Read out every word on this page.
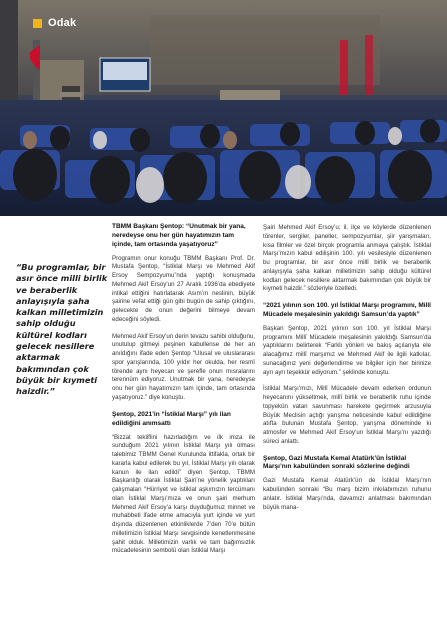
Odak

“Bu programlar, bir asır önce milli birlik ve beraberlik anlayışıyla şaha kalkan milletimizin sahip olduğu kültürel kodları gelecek nesillere aktarmak bakımından çok büyük bir kıymeti haizdir.”

TBMM Başkanı Şentop: “Unutmak bir yana, neredeyse onu her gün hayatımızın tam içinde, tam ortasında yaşatıyoruz”

Programın onur konuğu TBMM Başkanı Prof. Dr. Mustafa Şentop, “İstiklal Marşı ve Mehmed Akif Ersoy Sempozyumu”nda yaptığı konuşmada Mehmed Akif Ersoy’un 27 Aralık 1936’da ebediyete intikal ettiğini hatırlatarak Asım’ın neslinin, büyük şairine vefat ettiği gün gibi bugün de sahip çıktığını, gelecekte de onun değerini bilmeye devam edeceğini söyledi.

Mehmed Akif Ersoy’un derin tevazu sahibi olduğunu, unutulup gitmeyi peşinen kabullense de her an anıldığını ifade eden Şentop “Ulusal ve uluslararası spor yarışlarında, 100 yıldır her okulda, her resmî törende aynı heyecan ve şerefle onun mısralarını terennüm ediyoruz. Unutmak bir yana, neredeyse onu her gün hayatımızın tam içinde, tam ortasında yaşatıyoruz.” diye konuştu.

Şentop, 2021’in “İstiklal Marşı” yılı ilan edildiğini anımsattı

“Bizzat tekliflini hazırladığım ve ilk imza ile sunduğum 2021 yılının İstiklal Marşı yılı olması talebimiz TBMM Genel Kurulunda ittifakla, ortak bir kararla kabul edilerek bu yıl, İstiklal Marşı yılı olarak kanun ile ilan edildi” diyen Şentop, TBMM Başkanlığı olarak İstiklal Şairi’ne yönelik yaptıkları çalışmaları “Hürriyet ve istiklal aşkımızın tercümanı olan İstiklal Marşı’mıza ve onun şairi merhum Mehmed Akif Ersoy’a karşı duyduğumuz minnet ve muhabbeti ifade etme amacıyla yurt içinde ve yurt dışında düzenlenen etkinliklerde 7’den 70’e bütün milletimizin İstiklal Marşı sevgisinde kenetlenmesine şahit olduk. Milletimizin varlık ve tam bağımsızlık mücadelesinin sembolü olan İstiklal Marşı

Şairi Mehmed Akif Ersoy’u; il, ilçe ve köylerde düzenlenen törenler, sergiler, paneller, sempozyumlar, şiir yarışmaları, kısa filmler ve özel birçok programla anmaya çalıştık. İstiklal Marşı’mızın kabul edilişinin 100. yılı vesilesiyle düzenlenen bu programlar, bir asır önce millî birlik ve beraberlik anlayışıyla şaha kalkan milletimizin sahip olduğu kültürel kodları gelecek nesillere aktarmak bakımından çok büyük bir kıymeti haizdir.” sözleriyle özetledi.

“2021 yılının son 100. yıl İstiklal Marşı programını, Millî Mücadele meşalesinin yakıldığı Samsun’da yaptık”

Başkan Şentop, 2021 yılının son 100. yıl İstiklal Marşı programını Millî Mücadele meşalesinin yakıldığı Samsun’da yaptıklarını belirterek “Farklı yönleri ve bakış açılarıyla ele alacağımız millî marşımız ve Mehmed Akif ile ilgili katkılar, sunacağınız yeni değerlendirme ve bilgiler için her birinize ayrı ayrı teşekkür ediyorum.” şeklinde konuştu.

İstiklal Marşı’mızı, Millî Mücadele devam ederken ordunun heyecanını yükseltmek, millî birlik ve beraberlik ruhu içinde topyekûn vatan savunması harekete geçirmek arzusuyla Büyük Meclisin açtığı yarışma neticesinde kabul edildiğine atıfta bulunan Mustafa Şentop, yarışma döneminde ki atmosfer ve Mehmed Akif Ersoy’un İstiklal Marşı’nı yazdığı süreci anlattı.

Şentop, Gazi Mustafa Kemal Atatürk’ün İstiklal Marşı’nın kabulünden sonraki sözlerine değindi

Gazi Mustafa Kemal Atatürk’ün de İstiklal Marşı’nın kabulünden sonraki “Bu marş bizim inkılabımızın ruhunu anlatır. İstiklal Marşı’nda, davamızı anlatması bakımından büyük mana-
